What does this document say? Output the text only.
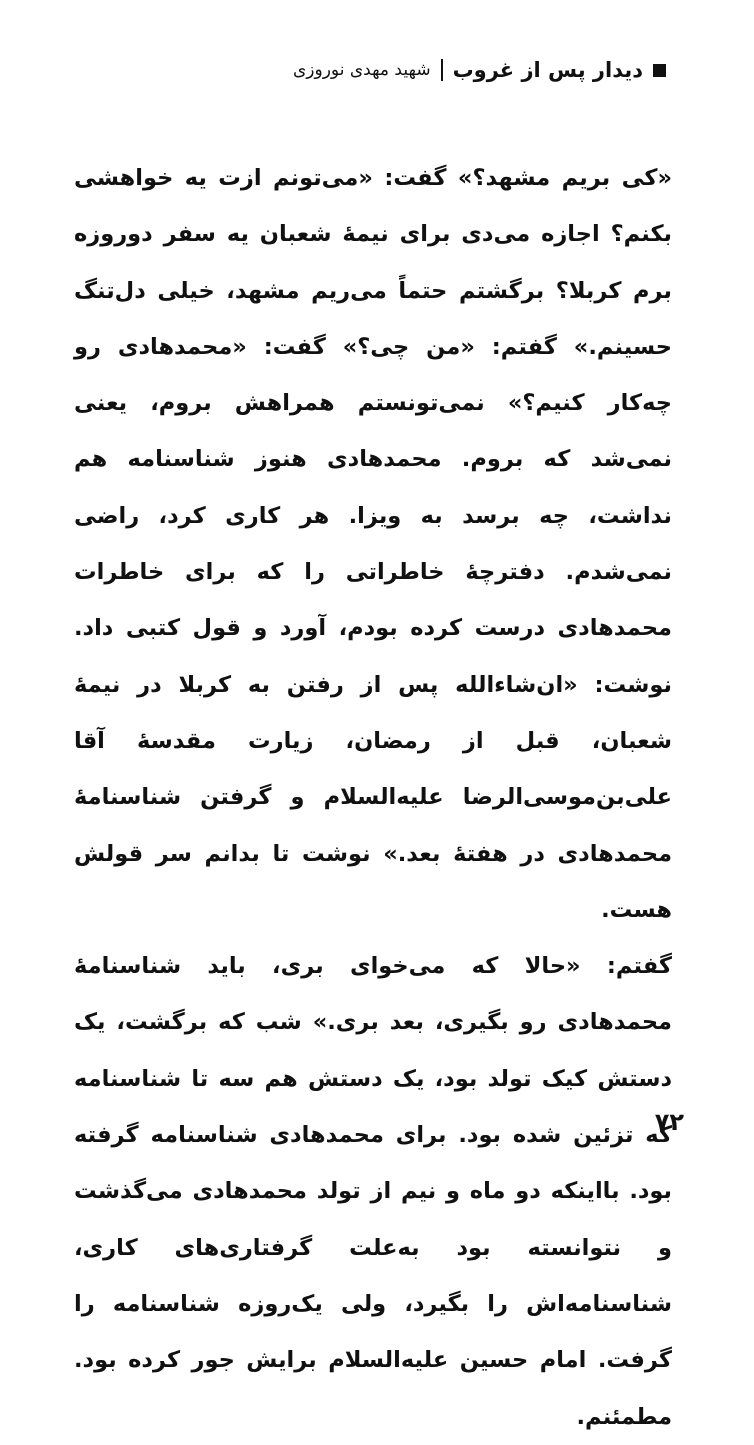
دیدار پس از غروب
شهید مهدی نوروزی

«کی بریم مشهد؟» گفت: «می‌تونم ازت یه خواهشی بکنم؟ اجازه می‌دی برای نیمهٔ شعبان یه سفر دوروزه برم کربلا؟ برگشتم حتماً می‌ریم مشهد، خیلی دل‌تنگ حسینم.» گفتم: «من چی؟» گفت: «محمدهادی رو چه‌کار کنیم؟» نمی‌تونستم همراهش بروم، یعنی نمی‌شد که بروم. محمدهادی هنوز شناسنامه هم نداشت، چه برسد به ویزا. هر کاری کرد، راضی نمی‌شدم. دفترچهٔ خاطراتی را که برای خاطرات محمدهادی درست کرده بودم، آورد و قول کتبی داد. نوشت: «ان‌شاءالله پس از رفتن به کربلا در نیمهٔ شعبان، قبل از رمضان، زیارت مقدسهٔ آقا علی‌بن‌موسی‌الرضا علیه‌السلام و گرفتن شناسنامهٔ محمدهادی در هفتهٔ بعد.» نوشت تا بدانم سر قولش هست.

گفتم: «حالا که می‌خوای بری، باید شناسنامهٔ محمدهادی رو بگیری، بعد بری.» شب که برگشت، یک دستش کیک تولد بود، یک دستش هم سه تا شناسنامه که تزئین شده بود. برای محمدهادی شناسنامه گرفته بود. بااینکه دو ماه و نیم از تولد محمدهادی می‌گذشت و نتوانسته بود به‌علت گرفتاری‌های کاری، شناسنامه‌اش را بگیرد، ولی یک‌روزه شناسنامه را گرفت. امام حسین علیه‌السلام برایش جور کرده بود. مطمئنم.

۷۲
